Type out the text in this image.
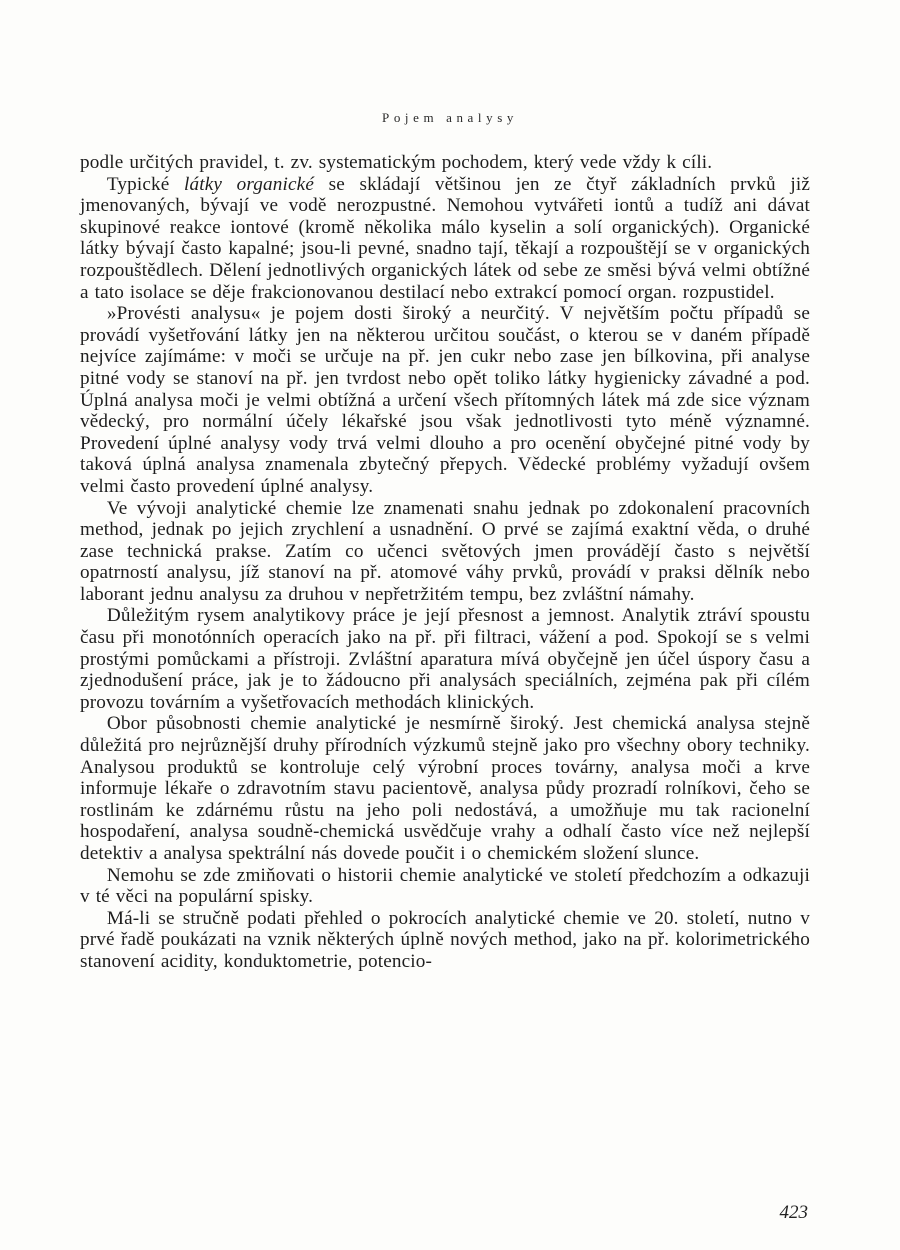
Pojem analysy

podle určitých pravidel, t. zv. systematickým pochodem, který vede vždy k cíli.

Typické látky organické se skládají většinou jen ze čtyř základních prvků již jmenovaných, bývají ve vodě nerozpustné. Nemohou vytvářeti iontů a tudíž ani dávat skupinové reakce iontové (kromě několika málo kyselin a solí organických). Organické látky bývají často kapalné; jsou-li pevné, snadno tají, těkají a rozpouštějí se v organických rozpouštědlech. Dělení jednotlivých organických látek od sebe ze směsi bývá velmi obtížné a tato isolace se děje frakcionovanou destilací nebo extrakcí pomocí organ. rozpustidel.

»Provésti analysu« je pojem dosti široký a neurčitý. V největším počtu případů se provádí vyšetřování látky jen na některou určitou součást, o kterou se v daném případě nejvíce zajímáme: v moči se určuje na př. jen cukr nebo zase jen bílkovina, při analyse pitné vody se stanoví na př. jen tvrdost nebo opět toliko látky hygienicky závadné a pod. Úplná analysa moči je velmi obtížná a určení všech přítomných látek má zde sice význam vědecký, pro normální účely lékařské jsou však jednotlivosti tyto méně významné. Provedení úplné analysy vody trvá velmi dlouho a pro ocenění obyčejné pitné vody by taková úplná analysa znamenala zbytečný přepych. Vědecké problémy vyžadují ovšem velmi často provedení úplné analysy.

Ve vývoji analytické chemie lze znamenati snahu jednak po zdokonalení pracovních method, jednak po jejich zrychlení a usnadnění. O prvé se zajímá exaktní věda, o druhé zase technická prakse. Zatím co učenci světových jmen provádějí často s největší opatrností analysu, jíž stanoví na př. atomové váhy prvků, provádí v praksi dělník nebo laborant jednu analysu za druhou v nepřetržitém tempu, bez zvláštní námahy.

Důležitým rysem analytikovy práce je její přesnost a jemnost. Analytik ztráví spoustu času při monotónních operacích jako na př. při filtraci, vážení a pod. Spokojí se s velmi prostými pomůckami a přístroji. Zvláštní aparatura mívá obyčejně jen účel úspory času a zjednodušení práce, jak je to žádoucno při analysách speciálních, zejména pak při cílém provozu továrním a vyšetřovacích methodách klinických.

Obor působnosti chemie analytické je nesmírně široký. Jest chemická analysa stejně důležitá pro nejrůznější druhy přírodních výzkumů stejně jako pro všechny obory techniky. Analysou produktů se kontroluje celý výrobní proces továrny, analysa moči a krve informuje lékaře o zdravotním stavu pacientově, analysa půdy prozradí rolníkovi, čeho se rostlinám ke zdárnému růstu na jeho poli nedostává, a umožňuje mu tak racionelní hospodaření, analysa soudně-chemická usvědčuje vrahy a odhalí často více než nejlepší detektiv a analysa spektrální nás dovede poučit i o chemickém složení slunce.

Nemohu se zde zmiňovati o historii chemie analytické ve století předchozím a odkazuji v té věci na populární spisky.

Má-li se stručně podati přehled o pokrocích analytické chemie ve 20. století, nutno v prvé řadě poukázati na vznik některých úplně nových method, jako na př. kolorimetrického stanovení acidity, konduktometrie, potencio-

423
